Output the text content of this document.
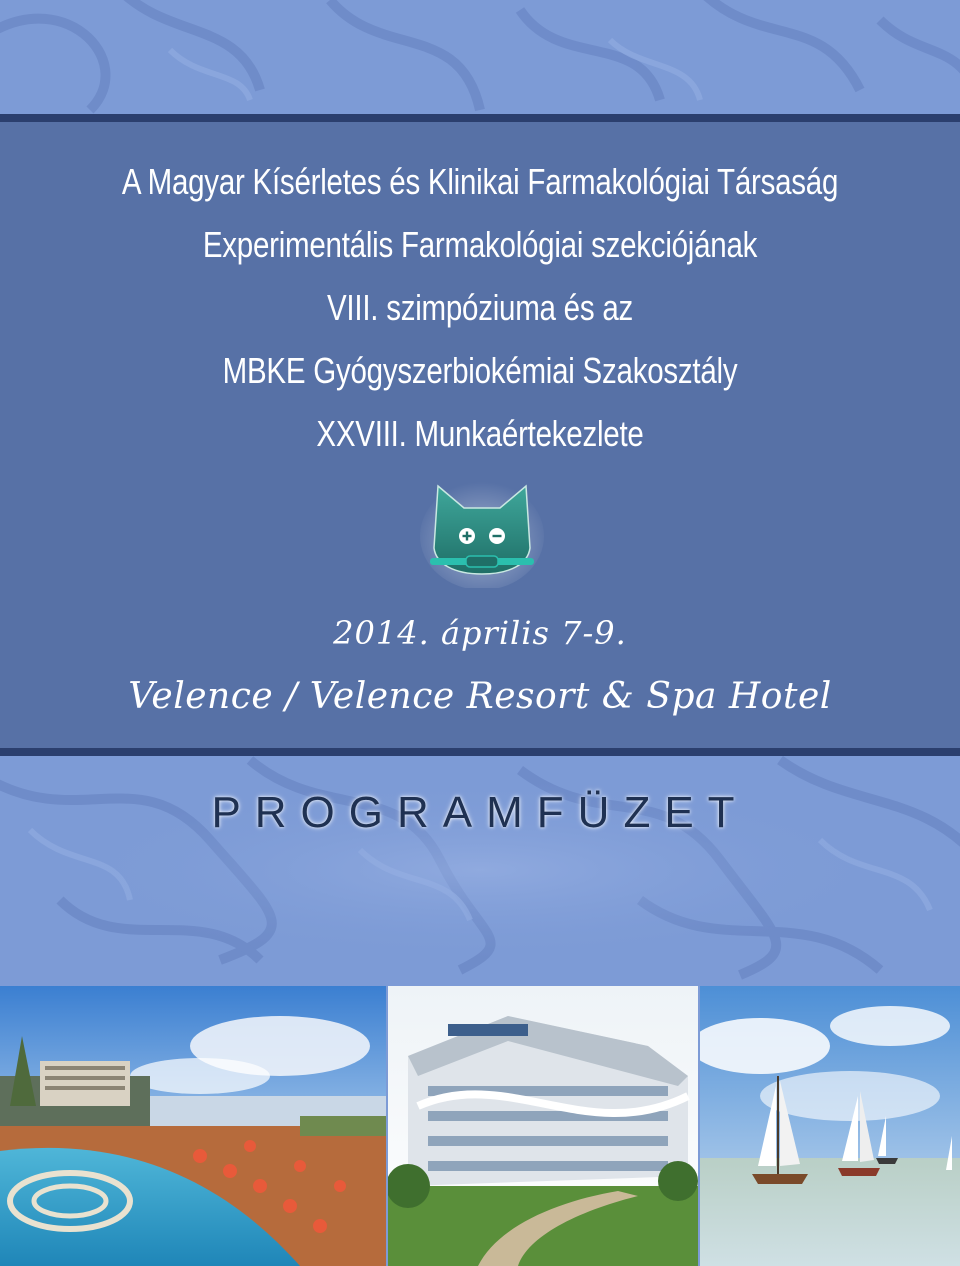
A Magyar Kísérletes és Klinikai Farmakológiai Társaság
Experimentális Farmakológiai szekciójának
VIII. szimpóziuma és az
MBKE Gyógyszerbiokémiai Szakosztály
XXVIII. Munkaértekezlete
2014. április 7-9.
Velence / Velence Resort & Spa Hotel
PROGRAMFÜZET
